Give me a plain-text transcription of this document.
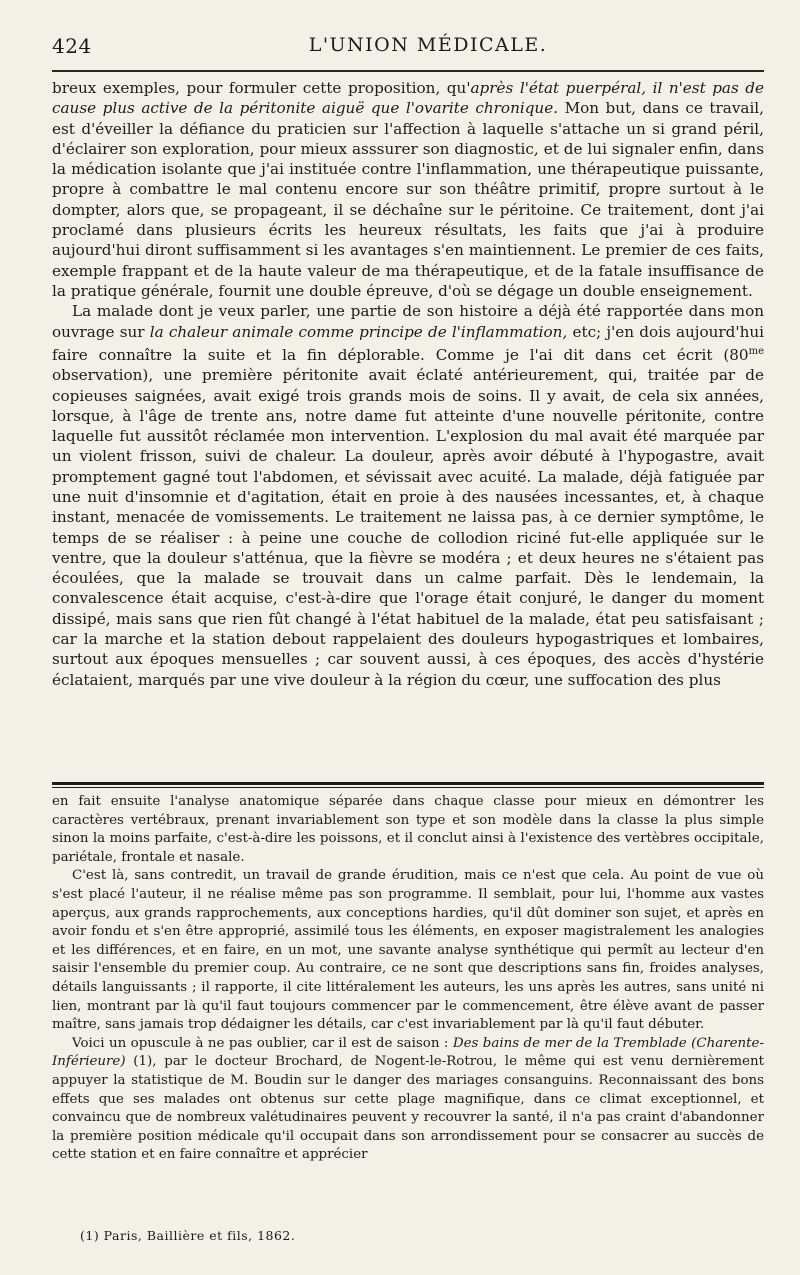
424	L'UNION MÉDICALE.

breux exemples, pour formuler cette proposition, qu'après l'état puerpéral, il n'est pas de cause plus active de la péritonite aiguë que l'ovarite chronique. Mon but, dans ce travail, est d'éveiller la défiance du praticien sur l'affection à laquelle s'attache un si grand péril, d'éclairer son exploration, pour mieux asssurer son diagnostic, et de lui signaler enfin, dans la médication isolante que j'ai instituée contre l'inflammation, une thérapeutique puissante, propre à combattre le mal contenu encore sur son théâtre primitif, propre surtout à le dompter, alors que, se propageant, il se déchaîne sur le péritoine. Ce traitement, dont j'ai proclamé dans plusieurs écrits les heureux résultats, les faits que j'ai à produire aujourd'hui diront suffisamment si les avantages s'en maintiennent. Le premier de ces faits, exemple frappant et de la haute valeur de ma thérapeutique, et de la fatale insuffisance de la pratique générale, fournit une double épreuve, d'où se dégage un double enseignement.

La malade dont je veux parler, une partie de son histoire a déjà été rapportée dans mon ouvrage sur la chaleur animale comme principe de l'inflammation, etc; j'en dois aujourd'hui faire connaître la suite et la fin déplorable. Comme je l'ai dit dans cet écrit ($80^{me}$ observation), une première péritonite avait éclaté antérieurement, qui, traitée par de copieuses saignées, avait exigé trois grands mois de soins. Il y avait, de cela six années, lorsque, à l'âge de trente ans, notre dame fut atteinte d'une nouvelle péritonite, contre laquelle fut aussitôt réclamée mon intervention. L'explosion du mal avait été marquée par un violent frisson, suivi de chaleur. La douleur, après avoir débuté à l'hypogastre, avait promptement gagné tout l'abdomen, et sévissait avec acuité. La malade, déjà fatiguée par une nuit d'insomnie et d'agitation, était en proie à des nausées incessantes, et, à chaque instant, menacée de vomissements. Le traitement ne laissa pas, à ce dernier symptôme, le temps de se réaliser : à peine une couche de collodion riciné fut-elle appliquée sur le ventre, que la douleur s'atténua, que la fièvre se modéra ; et deux heures ne s'étaient pas écoulées, que la malade se trouvait dans un calme parfait. Dès le lendemain, la convalescence était acquise, c'est-à-dire que l'orage était conjuré, le danger du moment dissipé, mais sans que rien fût changé à l'état habituel de la malade, état peu satisfaisant ; car la marche et la station debout rappelaient des douleurs hypogastriques et lombaires, surtout aux époques mensuelles ; car souvent aussi, à ces époques, des accès d'hystérie éclataient, marqués par une vive douleur à la région du cœur, une suffocation des plus

en fait ensuite l'analyse anatomique séparée dans chaque classe pour mieux en démontrer les caractères vertébraux, prenant invariablement son type et son modèle dans la classe la plus simple sinon la moins parfaite, c'est-à-dire les poissons, et il conclut ainsi à l'existence des vertèbres occipitale, pariétale, frontale et nasale.

C'est là, sans contredit, un travail de grande érudition, mais ce n'est que cela. Au point de vue où s'est placé l'auteur, il ne réalise même pas son programme. Il semblait, pour lui, l'homme aux vastes aperçus, aux grands rapprochements, aux conceptions hardies, qu'il dût dominer son sujet, et après en avoir fondu et s'en être approprié, assimilé tous les éléments, en exposer magistralement les analogies et les différences, et en faire, en un mot, une savante analyse synthétique qui permît au lecteur d'en saisir l'ensemble du premier coup. Au contraire, ce ne sont que descriptions sans fin, froides analyses, détails languissants ; il rapporte, il cite littéralement les auteurs, les uns après les autres, sans unité ni lien, montrant par là qu'il faut toujours commencer par le commencement, être élève avant de passer maître, sans jamais trop dédaigner les détails, car c'est invariablement par là qu'il faut débuter.

Voici un opuscule à ne pas oublier, car il est de saison : Des bains de mer de la Tremblade (Charente-Inférieure) (1), par le docteur Brochard, de Nogent-le-Rotrou, le même qui est venu dernièrement appuyer la statistique de M. Boudin sur le danger des mariages consanguins. Reconnaissant des bons effets que ses malades ont obtenus sur cette plage magnifique, dans ce climat exceptionnel, et convaincu que de nombreux valétudinaires peuvent y recouvrer la santé, il n'a pas craint d'abandonner la première position médicale qu'il occupait dans son arrondissement pour se consacrer au succès de cette station et en faire connaître et apprécier

(1) Paris, Baillière et fils, 1862.
